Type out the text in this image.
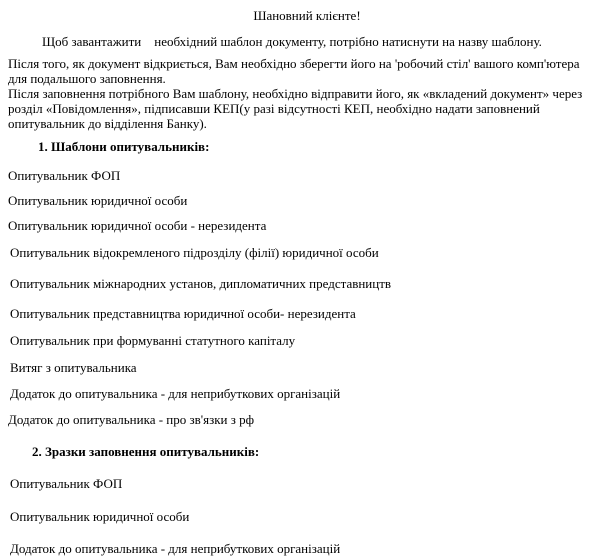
Шановний клієнте!
Щоб завантажити    необхідний шаблон документу, потрібно натиснути на назву шаблону.
Після того, як документ відкриється, Вам необхідно зберегти його на 'робочий стіл' вашого комп'ютера для подальшого заповнення.
Після заповнення потрібного Вам шаблону, необхідно відправити його, як «вкладений документ» через розділ «Повідомлення», підписавши КЕП(у разі відсутності КЕП, необхідно надати заповнений опитувальник до відділення Банку).
1. Шаблони опитувальників:
Опитувальник ФОП
Опитувальник юридичної особи
Опитувальник юридичної особи - нерезидента
Опитувальник відокремленого підрозділу (філії) юридичної особи
Опитувальник міжнародних установ, дипломатичних представництв
Опитувальник представництва юридичної особи- нерезидента
Опитувальник при формуванні статутного капіталу
Витяг з опитувальника
Додаток до опитувальника - для неприбуткових організацій
Додаток до опитувальника - про зв'язки з рф
2. Зразки заповнення опитувальників:
Опитувальник ФОП
Опитувальник юридичної особи
Додаток до опитувальника - для неприбуткових організацій
